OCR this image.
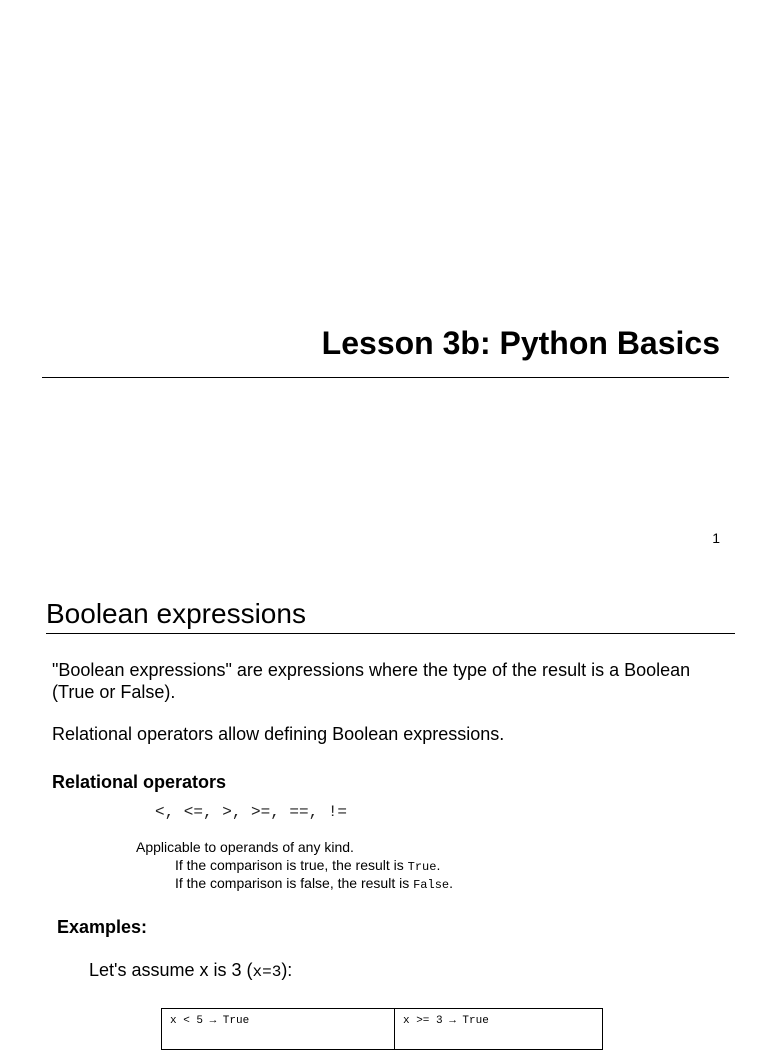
Lesson 3b: Python Basics
1
Boolean expressions
"Boolean expressions" are expressions where the type of the result is a Boolean (True or False).
Relational operators allow defining Boolean expressions.
Relational operators
<, <=, >, >=, ==, !=
Applicable to operands of any kind.
If the comparison is true, the result is True.
If the comparison is false, the result is False.
Examples:
Let's assume x is 3 (x=3):
x < 5 → True	x >= 3 → True
